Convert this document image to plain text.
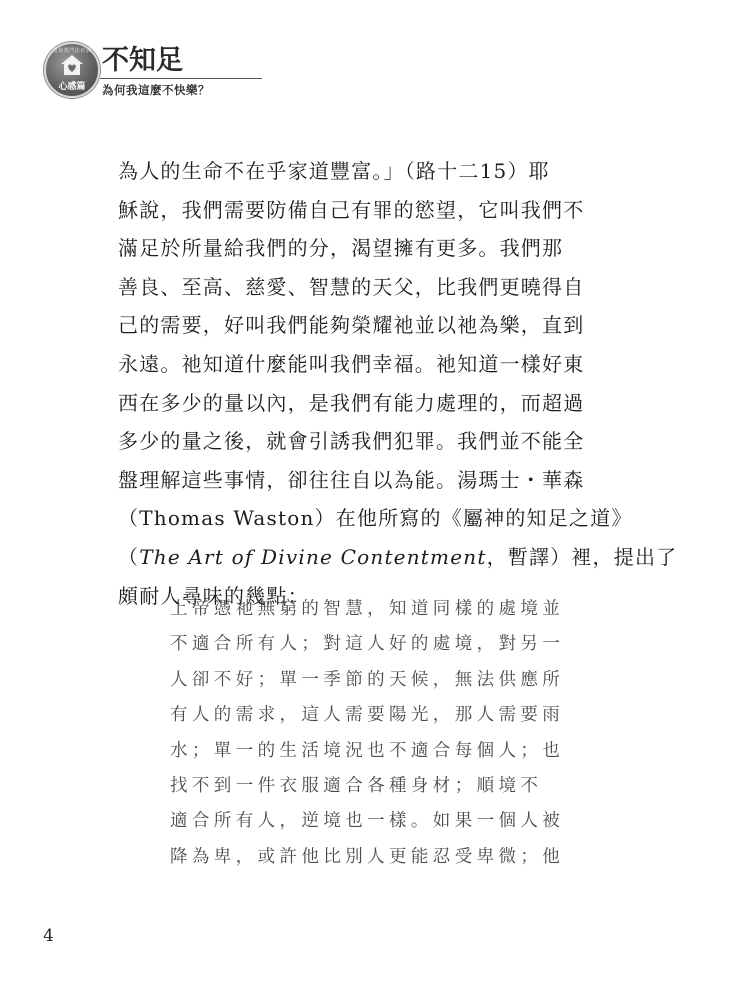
基督教門徒培訓
心感篇
不知足
為何我這麼不快樂？
為人的生命不在乎家道豐富。」（路十二15）耶
穌說，我們需要防備自己有罪的慾望，它叫我們不
滿足於所量給我們的分，渴望擁有更多。我們那
善良、至高、慈愛、智慧的天父，比我們更曉得自
己的需要，好叫我們能夠榮耀祂並以祂為樂，直到
永遠。祂知道什麼能叫我們幸福。祂知道一樣好東
西在多少的量以內，是我們有能力處理的，而超過
多少的量之後，就會引誘我們犯罪。我們並不能全
盤理解這些事情，卻往往自以為能。湯瑪士・華森
（Thomas Waston）在他所寫的《屬神的知足之道》
（The Art of Divine Contentment，暫譯）裡，提出了
頗耐人尋味的幾點：
上帝憑祂無窮的智慧，知道同樣的處境並
不適合所有人；對這人好的處境，對另一
人卻不好；單一季節的天候，無法供應所
有人的需求，這人需要陽光，那人需要雨
水；單一的生活境況也不適合每個人；也
找不到一件衣服適合各種身材；順境不
適合所有人，逆境也一樣。如果一個人被
降為卑，或許他比別人更能忍受卑微；他
4
